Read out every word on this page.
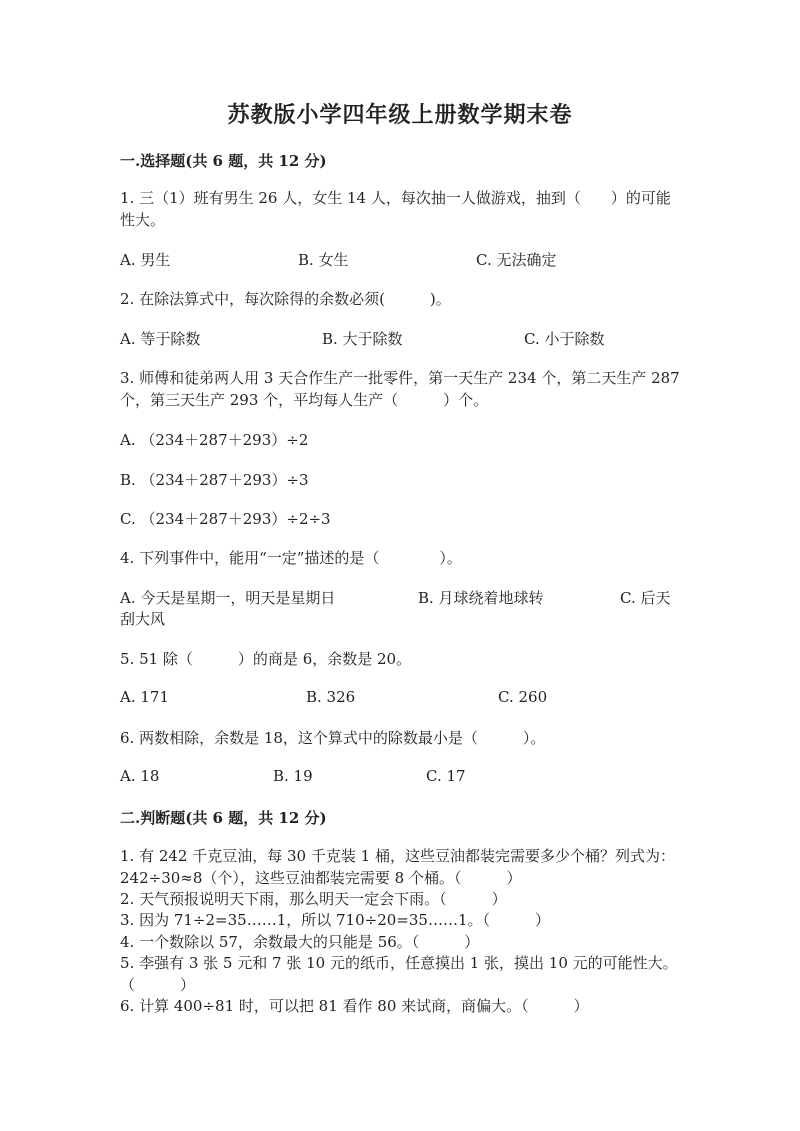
苏教版小学四年级上册数学期末卷
一.选择题(共 6 题，共 12 分)
1. 三（1）班有男生 26 人，女生 14 人，每次抽一人做游戏，抽到（　　）的可能性大。
A. 男生	B. 女生	C. 无法确定
2. 在除法算式中，每次除得的余数必须(　　　)。
A. 等于除数	B. 大于除数	C. 小于除数
3. 师傅和徒弟两人用 3 天合作生产一批零件，第一天生产 234 个，第二天生产 287 个，第三天生产 293 个，平均每人生产（　　　）个。
A. （234＋287＋293）÷2
B. （234＋287＋293）÷3
C. （234＋287＋293）÷2÷3
4. 下列事件中，能用“一定”描述的是（　　　　）。
A. 今天是星期一，明天是星期日	B. 月球绕着地球转	C. 后天
刮大风
5. 51 除（　　　）的商是 6，余数是 20。
A. 171	B. 326	C. 260
6. 两数相除，余数是 18，这个算式中的除数最小是（　　　）。
A. 18	B. 19	C. 17
二.判断题(共 6 题，共 12 分)
1. 有 242 千克豆油，每 30 千克装 1 桶，这些豆油都装完需要多少个桶？列式为：242÷30≈8（个），这些豆油都装完需要 8 个桶。（　　　）
2. 天气预报说明天下雨，那么明天一定会下雨。（　　　）
3. 因为 71÷2=35……1，所以 710÷20=35……1。（　　　）
4. 一个数除以 57，余数最大的只能是 56。（　　　）
5. 李强有 3 张 5 元和 7 张 10 元的纸币，任意摸出 1 张，摸出 10 元的可能性大。　　（　　　）
6. 计算 400÷81 时，可以把 81 看作 80 来试商，商偏大。（　　　）
